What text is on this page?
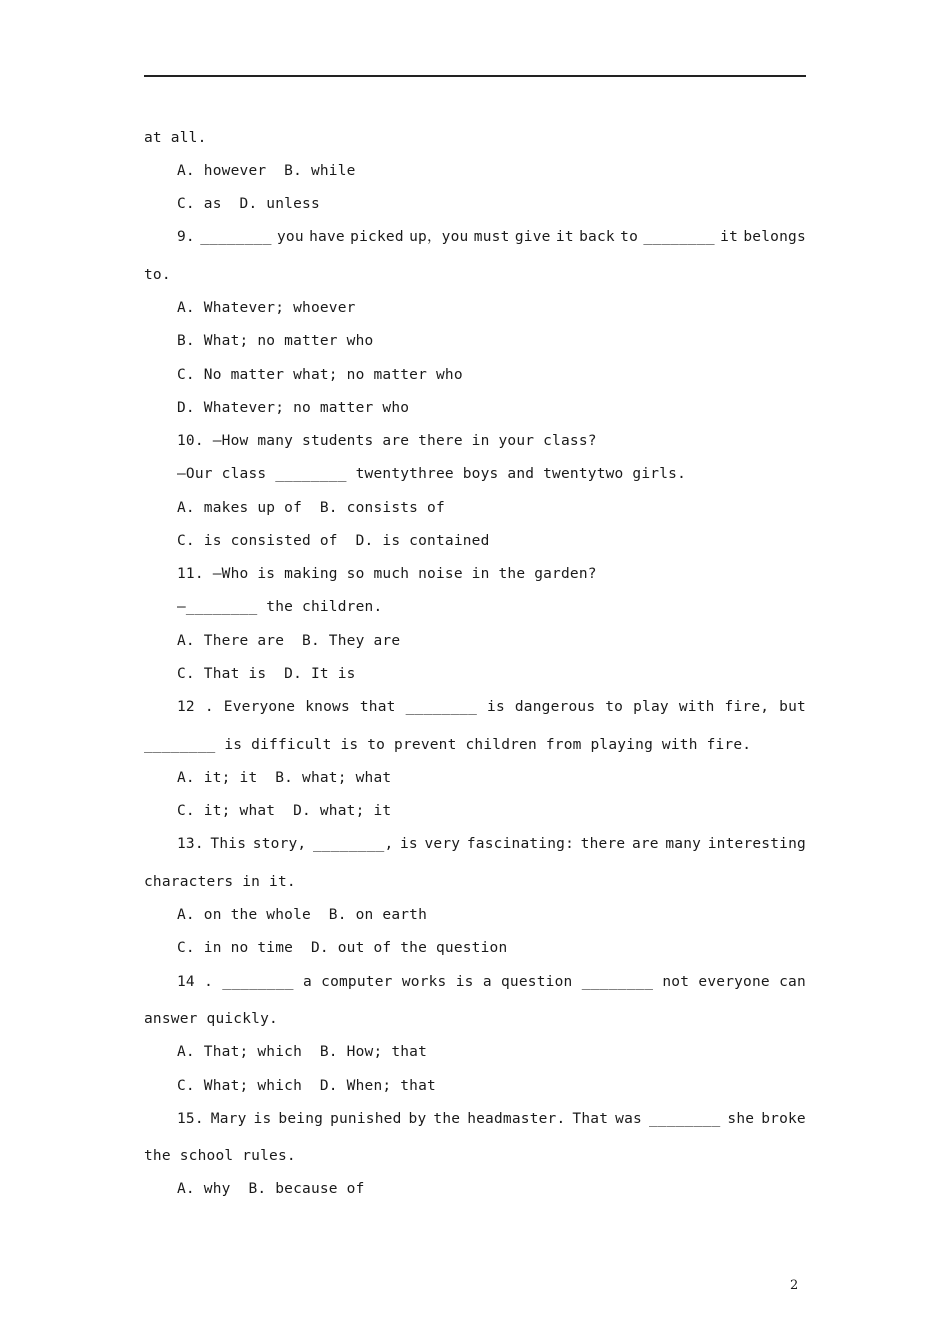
at all.
A. however  B. while
C. as  D. unless
9. ________ you have picked up，you must give it back to ________ it belongs
to.
A. Whatever; whoever
B. What; no matter who
C. No matter what; no matter who
D. Whatever; no matter who
10. —How many students are there in your class?
—Our class ________ twentythree boys and twentytwo girls.
A. makes up of  B. consists of
C. is consisted of  D. is contained
11. —Who is making so much noise in the garden?
—________ the children.
A. There are  B. They are
C. That is  D. It is
12 . Everyone knows that ________ is dangerous to play with fire, but
________ is difficult is to prevent children from playing with fire.
A. it; it  B. what; what
C. it; what  D. what; it
13. This story, ________, is very fascinating: there are many interesting
characters in it.
A. on the whole  B. on earth
C. in no time  D. out of the question
14 . ________ a computer works is a question ________ not everyone can
answer quickly.
A. That; which  B. How; that
C. What; which  D. When; that
15. Mary is being punished by the headmaster. That was ________ she broke
the school rules.
A. why  B. because of
2
